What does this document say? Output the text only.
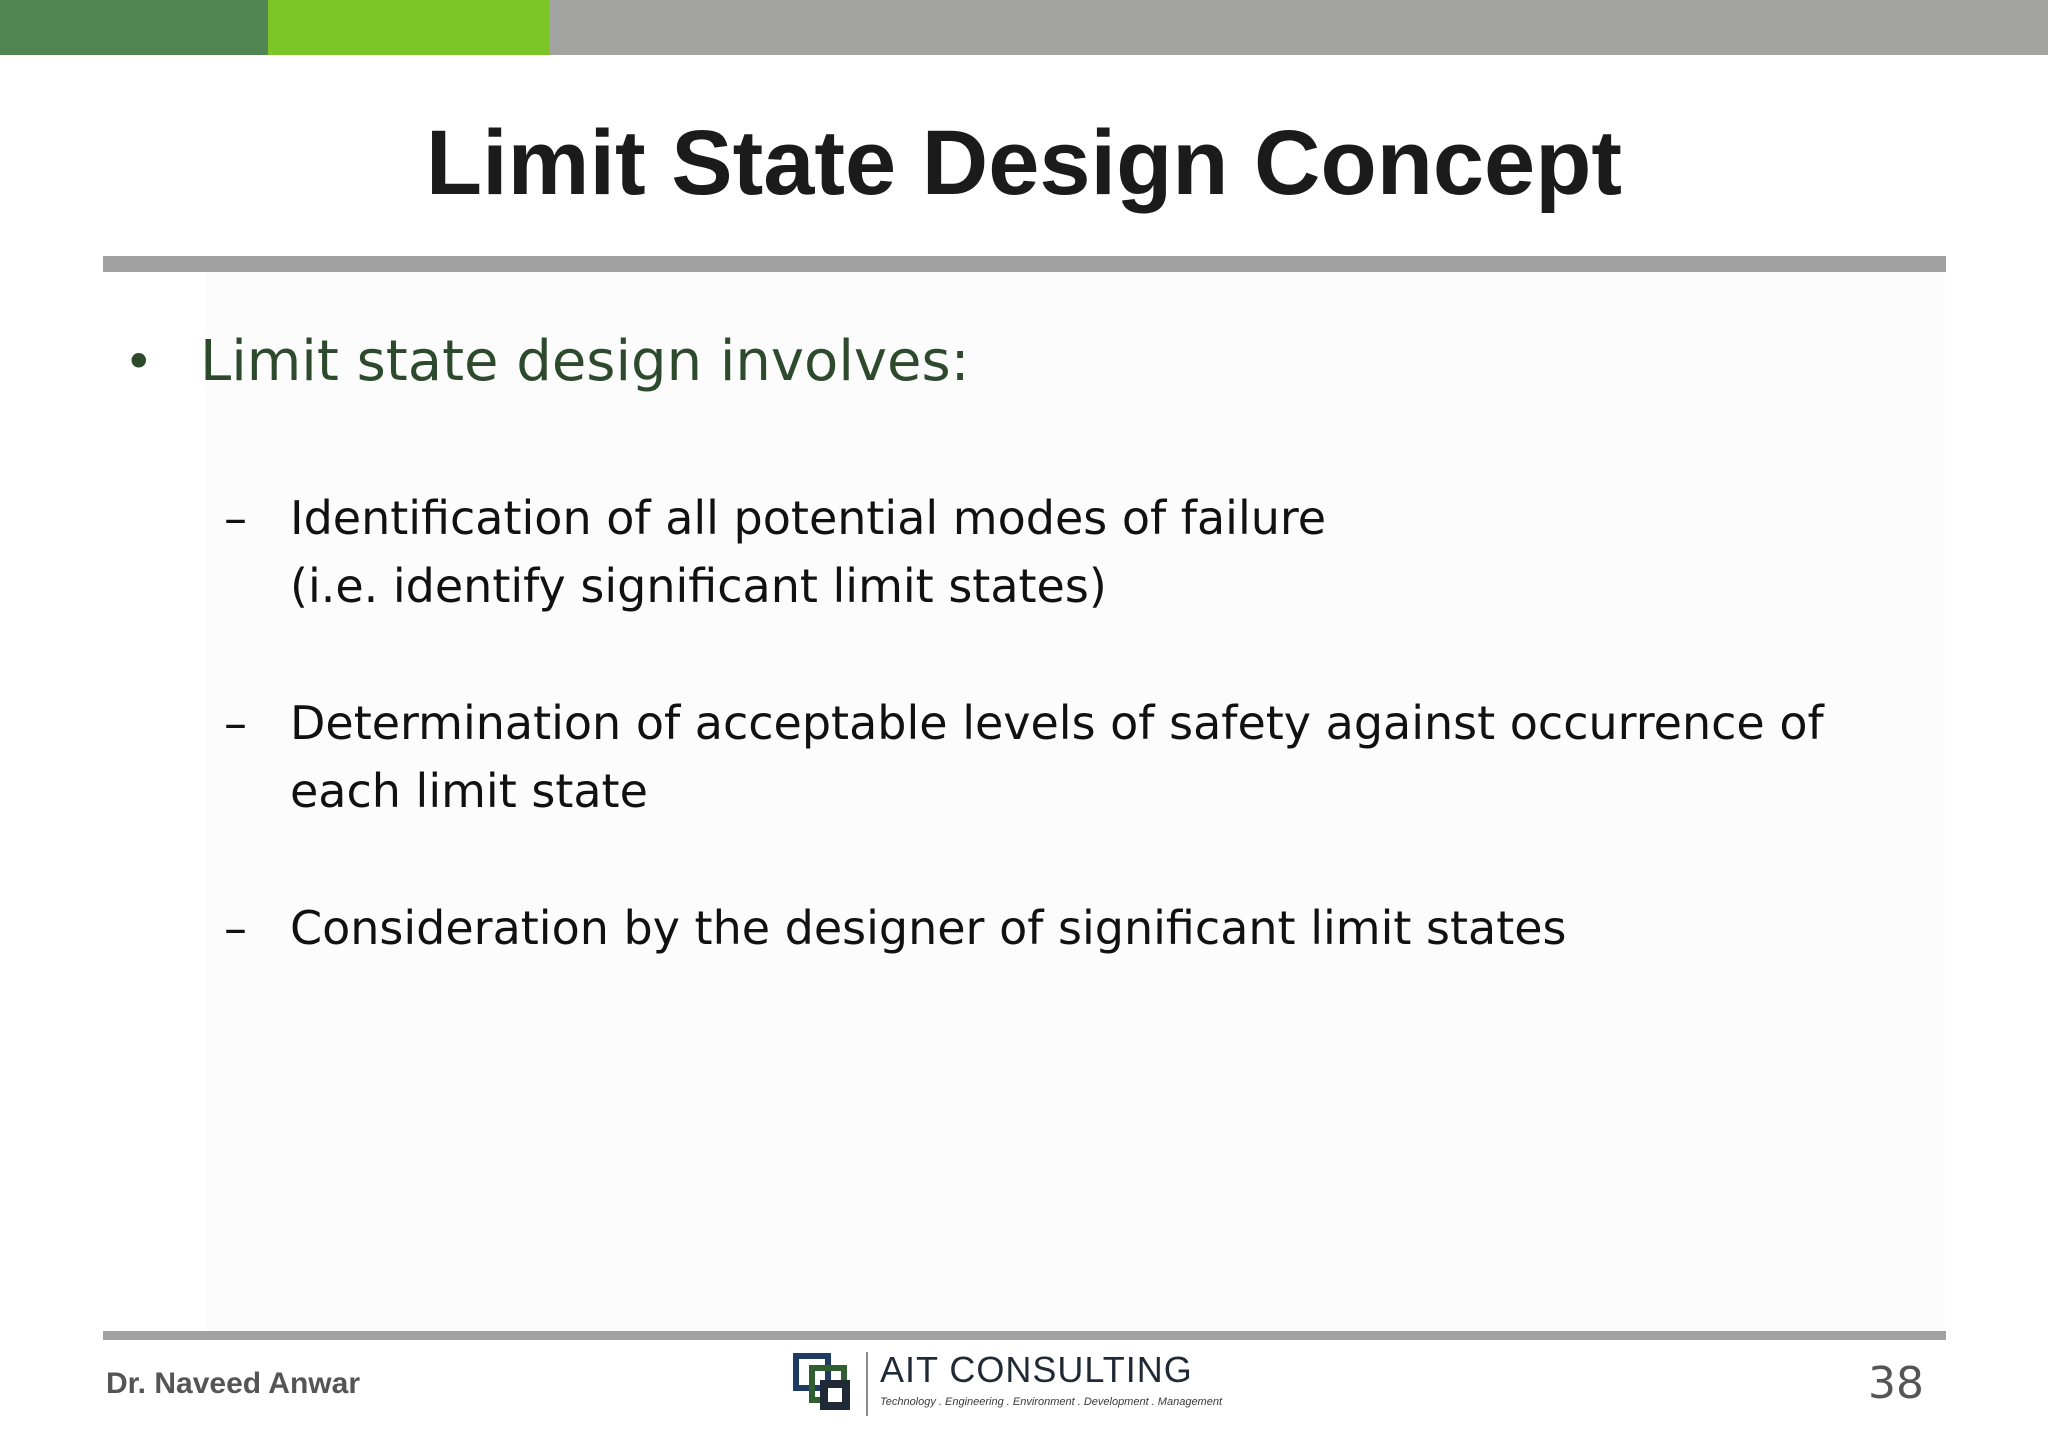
Limit State Design Concept
• Limit state design involves:
– Identification of all potential modes of failure
(i.e. identify significant limit states)
– Determination of acceptable levels of safety against occurrence of
each limit state
– Consideration by the designer of significant limit states
Dr. Naveed Anwar	AIT CONSULTING
Technology . Engineering . Environment . Development . Management	38
